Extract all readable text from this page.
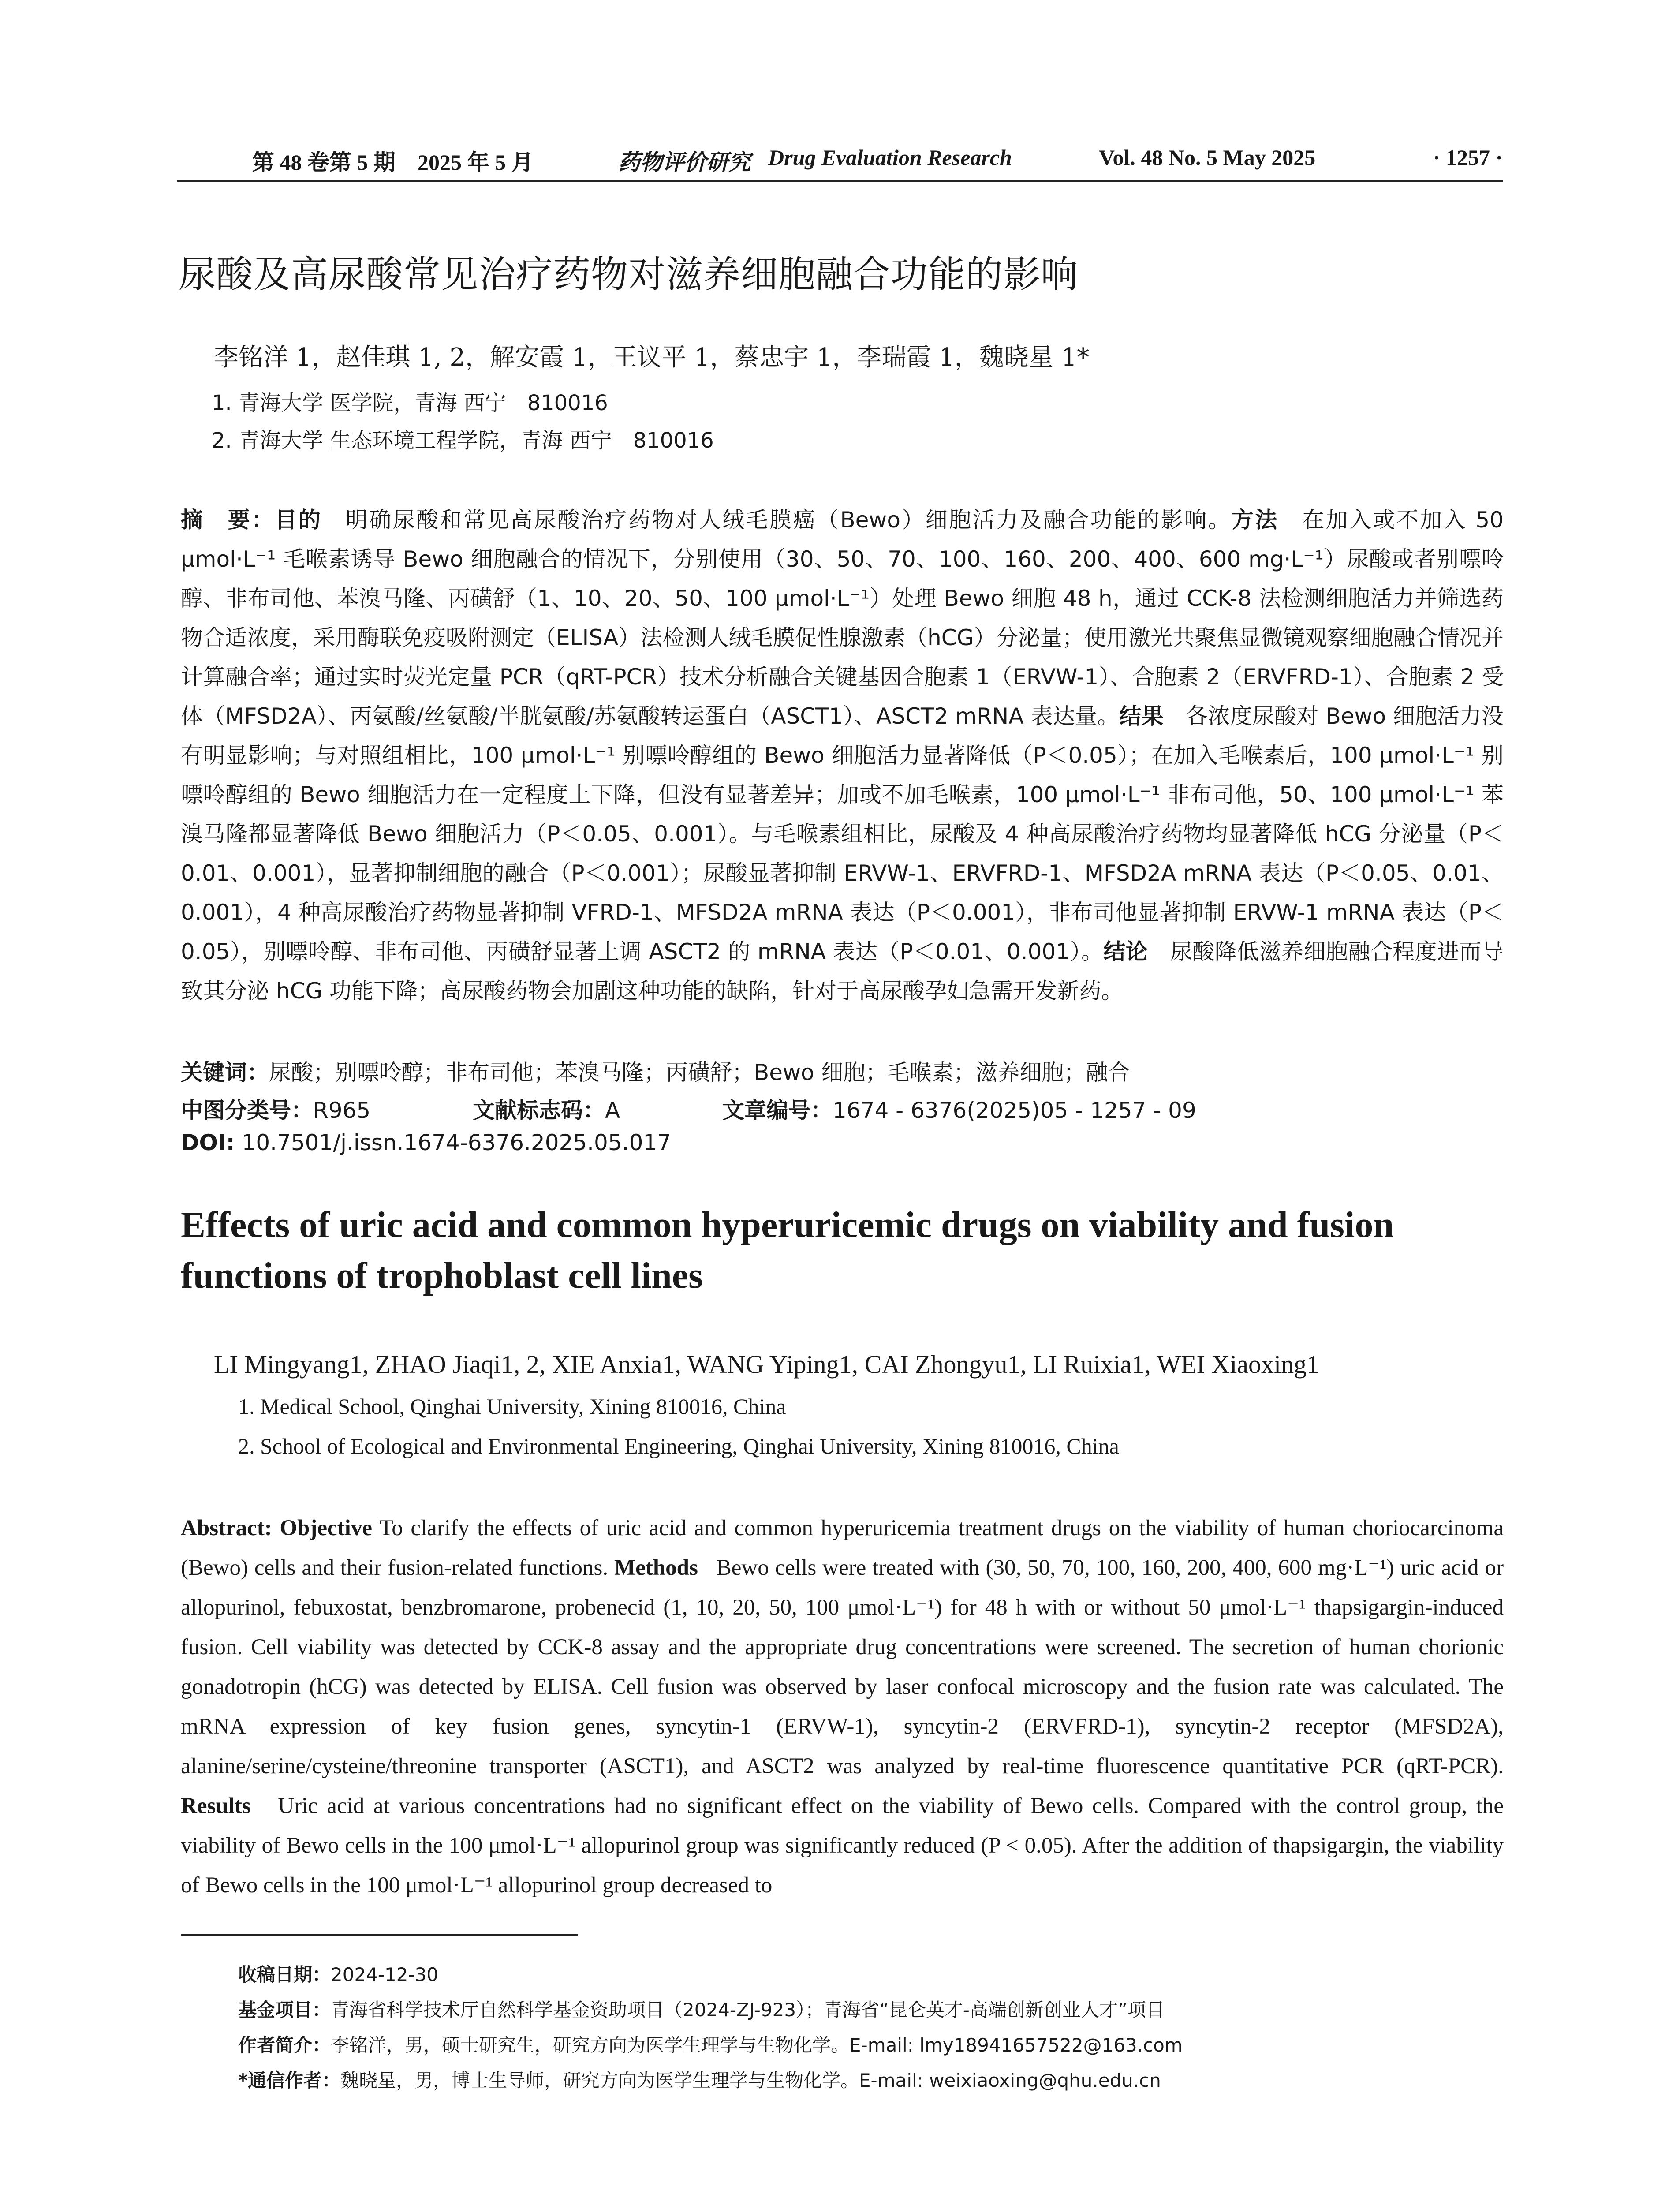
第 48 卷第 5 期　2025 年 5 月	药物评价研究 Drug Evaluation Research	Vol. 48 No. 5 May 2025	· 1257 ·
尿酸及高尿酸常见治疗药物对滋养细胞融合功能的影响
李铭洋 1，赵佳琪 1, 2，解安霞 1，王议平 1，蔡忠宇 1，李瑞霞 1，魏晓星 1*
1. 青海大学 医学院，青海 西宁　810016
2. 青海大学 生态环境工程学院，青海 西宁　810016
摘　要：目的　 明确尿酸和常见高尿酸治疗药物对人绒毛膜癌（Bewo）细胞活力及融合功能的影响。方法　 在加入或不加入 50 μmol·L⁻¹ 毛喉素诱导 Bewo 细胞融合的情况下，分别使用（30、50、70、100、160、200、400、600 mg·L⁻¹）尿酸或者别嘌呤醇、非布司他、苯溴马隆、丙磺舒（1、10、20、50、100 μmol·L⁻¹）处理 Bewo 细胞 48 h，通过 CCK-8 法检测细胞活力并筛选药物合适浓度，采用酶联免疫吸附测定（ELISA）法检测人绒毛膜促性腺激素（hCG）分泌量；使用激光共聚焦显微镜观察细胞融合情况并计算融合率；通过实时荧光定量 PCR（qRT-PCR）技术分析融合关键基因合胞素 1（ERVW-1）、合胞素 2（ERVFRD-1）、合胞素 2 受体（MFSD2A）、丙氨酸/丝氨酸/半胱氨酸/苏氨酸转运蛋白（ASCT1）、ASCT2 mRNA 表达量。结果　 各浓度尿酸对 Bewo 细胞活力没有明显影响；与对照组相比，100 μmol·L⁻¹ 别嘌呤醇组的 Bewo 细胞活力显著降低（P＜0.05）；在加入毛喉素后，100 μmol·L⁻¹ 别嘌呤醇组的 Bewo 细胞活力在一定程度上下降，但没有显著差异；加或不加毛喉素，100 μmol·L⁻¹ 非布司他，50、100 μmol·L⁻¹ 苯溴马隆都显著降低 Bewo 细胞活力（P＜0.05、0.001）。与毛喉素组相比，尿酸及 4 种高尿酸治疗药物均显著降低 hCG 分泌量（P＜0.01、0.001），显著抑制细胞的融合（P＜0.001）；尿酸显著抑制 ERVW-1、ERVFRD-1、MFSD2A mRNA 表达（P＜0.05、0.01、0.001），4 种高尿酸治疗药物显著抑制 VFRD-1、MFSD2A mRNA 表达（P＜0.001），非布司他显著抑制 ERVW-1 mRNA 表达（P＜0.05），别嘌呤醇、非布司他、丙磺舒显著上调 ASCT2 的 mRNA 表达（P＜0.01、0.001）。结论　 尿酸降低滋养细胞融合程度进而导致其分泌 hCG 功能下降；高尿酸药物会加剧这种功能的缺陷，针对于高尿酸孕妇急需开发新药。
关键词：尿酸；别嘌呤醇；非布司他；苯溴马隆；丙磺舒；Bewo 细胞；毛喉素；滋养细胞；融合
中图分类号：R965	文献标志码：A	文章编号：1674 - 6376(2025)05 - 1257 - 09
DOI: 10.7501/j.issn.1674-6376.2025.05.017
Effects of uric acid and common hyperuricemic drugs on viability and fusion functions of trophoblast cell lines
LI Mingyang1, ZHAO Jiaqi1, 2, XIE Anxia1, WANG Yiping1, CAI Zhongyu1, LI Ruixia1, WEI Xiaoxing1
1. Medical School, Qinghai University, Xining 810016, China
2. School of Ecological and Environmental Engineering, Qinghai University, Xining 810016, China
Abstract: Objective To clarify the effects of uric acid and common hyperuricemia treatment drugs on the viability of human choriocarcinoma (Bewo) cells and their fusion-related functions. Methods Bewo cells were treated with (30, 50, 70, 100, 160, 200, 400, 600 mg·L⁻¹) uric acid or allopurinol, febuxostat, benzbromarone, probenecid (1, 10, 20, 50, 100 μmol·L⁻¹) for 48 h with or without 50 μmol·L⁻¹ thapsigargin-induced fusion. Cell viability was detected by CCK-8 assay and the appropriate drug concentrations were screened. The secretion of human chorionic gonadotropin (hCG) was detected by ELISA. Cell fusion was observed by laser confocal microscopy and the fusion rate was calculated. The mRNA expression of key fusion genes, syncytin-1 (ERVW-1), syncytin-2 (ERVFRD-1), syncytin-2 receptor (MFSD2A), alanine/serine/cysteine/threonine transporter (ASCT1), and ASCT2 was analyzed by real-time fluorescence quantitative PCR (qRT-PCR). Results Uric acid at various concentrations had no significant effect on the viability of Bewo cells. Compared with the control group, the viability of Bewo cells in the 100 μmol·L⁻¹ allopurinol group was significantly reduced (P < 0.05). After the addition of thapsigargin, the viability of Bewo cells in the 100 μmol·L⁻¹ allopurinol group decreased to
收稿日期：2024-12-30
基金项目：青海省科学技术厅自然科学基金资助项目（2024-ZJ-923）；青海省“昆仑英才-高端创新创业人才”项目
作者简介：李铭洋，男，硕士研究生，研究方向为医学生理学与生物化学。E-mail: lmy18941657522@163.com
*通信作者：魏晓星，男，博士生导师，研究方向为医学生理学与生物化学。E-mail: weixiaoxing@qhu.edu.cn
